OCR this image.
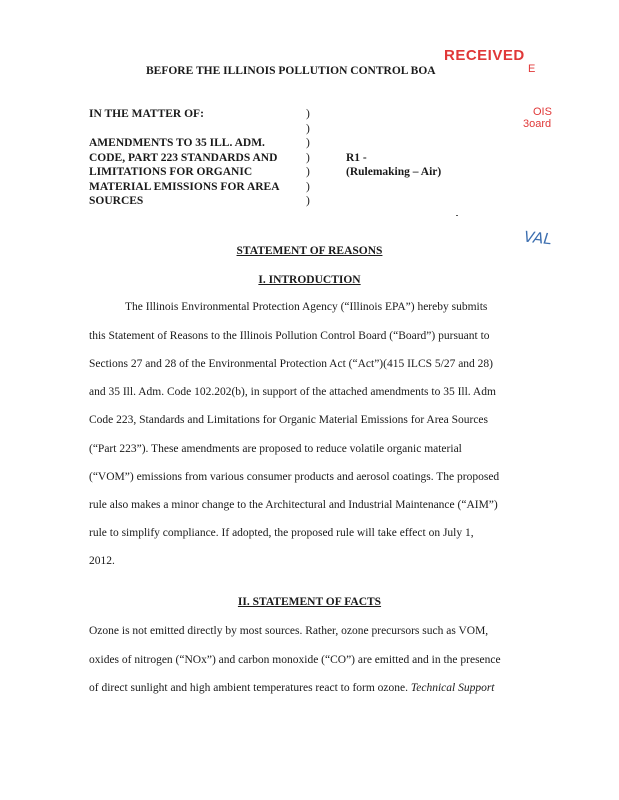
RECEIVED
E
OIS
3oard
VAL
BEFORE THE ILLINOIS POLLUTION CONTROL BOA
IN THE MATTER OF:
AMENDMENTS TO 35 ILL. ADM.
CODE, PART 223 STANDARDS AND
LIMITATIONS FOR ORGANIC
MATERIAL EMISSIONS FOR AREA
SOURCES
)
)
)
)
)
)
)
R1 -
(Rulemaking – Air)
STATEMENT OF REASONS
I. INTRODUCTION
The Illinois Environmental Protection Agency (“Illinois EPA”) hereby submits
this Statement of Reasons to the Illinois Pollution Control Board (“Board”) pursuant to
Sections 27 and 28 of the Environmental Protection Act (“Act”)(415 ILCS 5/27 and 28)
and 35 Ill. Adm. Code 102.202(b), in support of the attached amendments to 35 Ill. Adm
Code 223, Standards and Limitations for Organic Material Emissions for Area Sources
(“Part 223”). These amendments are proposed to reduce volatile organic material
(“VOM”) emissions from various consumer products and aerosol coatings. The proposed
rule also makes a minor change to the Architectural and Industrial Maintenance (“AIM”)
rule to simplify compliance. If adopted, the proposed rule will take effect on July 1,
2012.
II. STATEMENT OF FACTS
Ozone is not emitted directly by most sources. Rather, ozone precursors such as VOM,
oxides of nitrogen (“NOx”) and carbon monoxide (“CO”) are emitted and in the presence
of direct sunlight and high ambient temperatures react to form ozone. Technical Support
